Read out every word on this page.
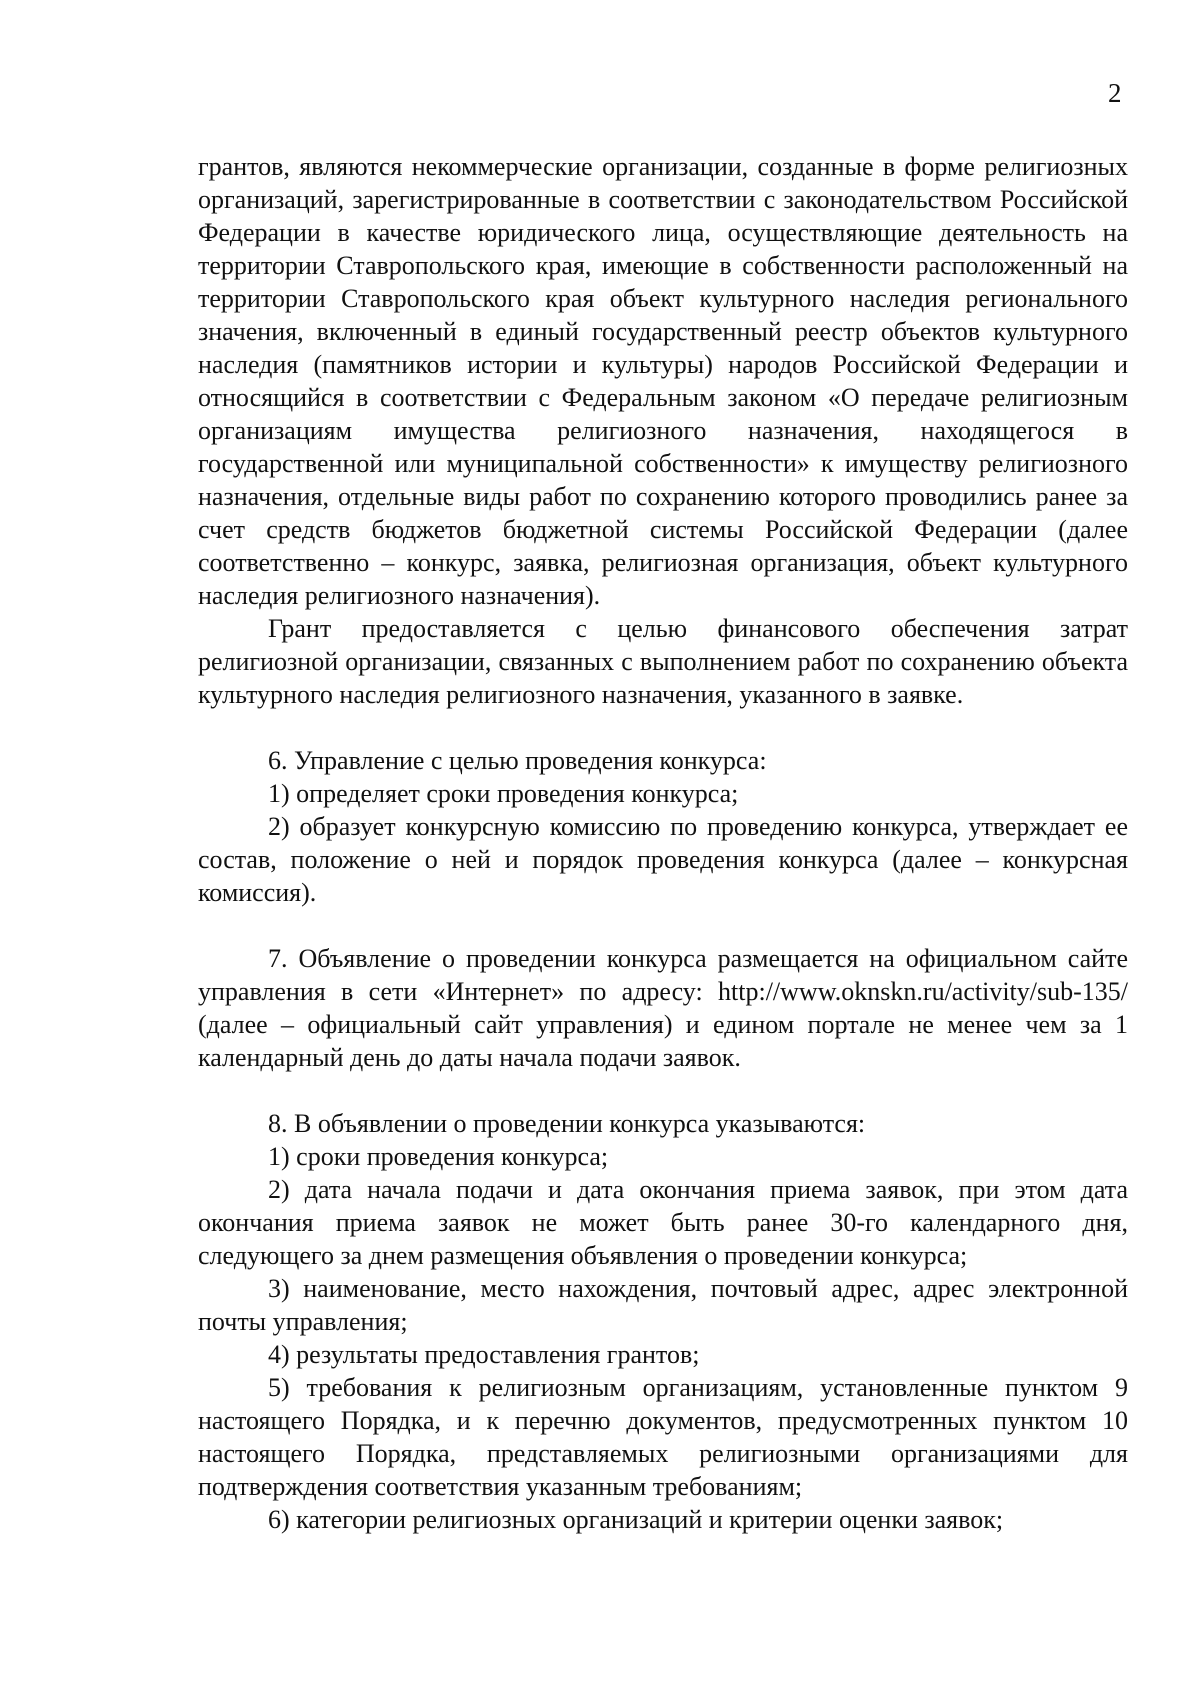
2

грантов, являются некоммерческие организации, созданные в форме религиозных организаций, зарегистрированные в соответствии с законодательством Российской Федерации в качестве юридического лица, осуществляющие деятельность на территории Ставропольского края, имеющие в собственности расположенный на территории Ставропольского края объект культурного наследия регионального значения, включенный в единый государственный реестр объектов культурного наследия (памятников истории и культуры) народов Российской Федерации и относящийся в соответствии с Федеральным законом «О передаче религиозным организациям имущества религиозного назначения, находящегося в государственной или муниципальной собственности» к имуществу религиозного назначения, отдельные виды работ по сохранению которого проводились ранее за счет средств бюджетов бюджетной системы Российской Федерации (далее соответственно – конкурс, заявка, религиозная организация, объект культурного наследия религиозного назначения).

Грант предоставляется с целью финансового обеспечения затрат религиозной организации, связанных с выполнением работ по сохранению объекта культурного наследия религиозного назначения, указанного в заявке.

6. Управление с целью проведения конкурса:

1) определяет сроки проведения конкурса;

2) образует конкурсную комиссию по проведению конкурса, утверждает ее состав, положение о ней и порядок проведения конкурса (далее – конкурсная комиссия).

7. Объявление о проведении конкурса размещается на официальном сайте управления в сети «Интернет» по адресу: http://www.oknskn.ru/activity/sub-135/ (далее – официальный сайт управления) и едином портале не менее чем за 1 календарный день до даты начала подачи заявок.

8. В объявлении о проведении конкурса указываются:

1) сроки проведения конкурса;

2) дата начала подачи и дата окончания приема заявок, при этом дата окончания приема заявок не может быть ранее 30-го календарного дня, следующего за днем размещения объявления о проведении конкурса;

3) наименование, место нахождения, почтовый адрес, адрес электронной почты управления;

4) результаты предоставления грантов;

5) требования к религиозным организациям, установленные пунктом 9 настоящего Порядка, и к перечню документов, предусмотренных пунктом 10 настоящего Порядка, представляемых религиозными организациями для подтверждения соответствия указанным требованиям;

6) категории религиозных организаций и критерии оценки заявок;
